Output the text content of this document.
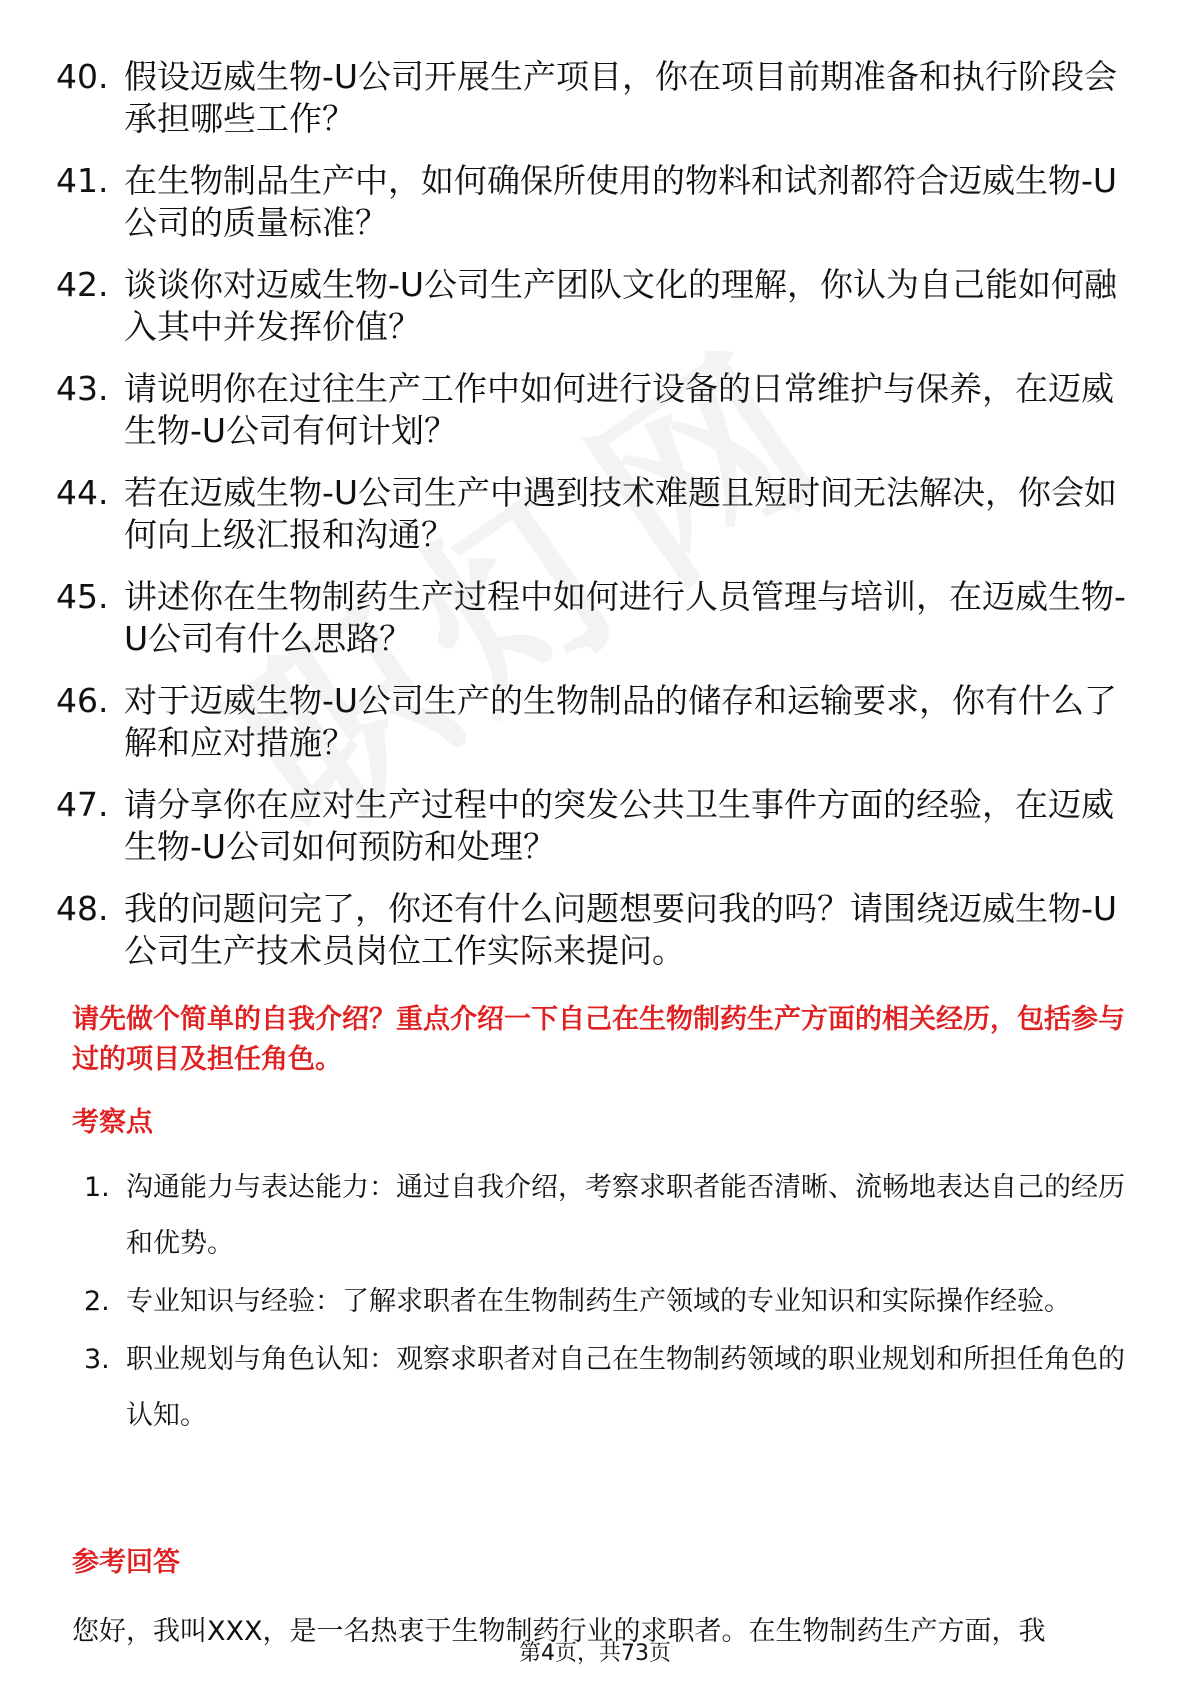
40. 假设迈威生物-U公司开展生产项目，你在项目前期准备和执行阶段会承担哪些工作？
41. 在生物制品生产中，如何确保所使用的物料和试剂都符合迈威生物-U公司的质量标准？
42. 谈谈你对迈威生物-U公司生产团队文化的理解，你认为自己能如何融入其中并发挥价值？
43. 请说明你在过往生产工作中如何进行设备的日常维护与保养，在迈威生物-U公司有何计划？
44. 若在迈威生物-U公司生产中遇到技术难题且短时间无法解决，你会如何向上级汇报和沟通？
45. 讲述你在生物制药生产过程中如何进行人员管理与培训，在迈威生物-U公司有什么思路？
46. 对于迈威生物-U公司生产的生物制品的储存和运输要求，你有什么了解和应对措施？
47. 请分享你在应对生产过程中的突发公共卫生事件方面的经验，在迈威生物-U公司如何预防和处理？
48. 我的问题问完了，你还有什么问题想要问我的吗？请围绕迈威生物-U公司生产技术员岗位工作实际来提问。
请先做个简单的自我介绍？重点介绍一下自己在生物制药生产方面的相关经历，包括参与过的项目及担任角色。
考察点
1. 沟通能力与表达能力：通过自我介绍，考察求职者能否清晰、流畅地表达自己的经历和优势。
2. 专业知识与经验：了解求职者在生物制药生产领域的专业知识和实际操作经验。
3. 职业规划与角色认知：观察求职者对自己在生物制药领域的职业规划和所担任角色的认知。
参考回答
您好，我叫XXX，是一名热衷于生物制药行业的求职者。在生物制药生产方面，我
第4页，共73页
